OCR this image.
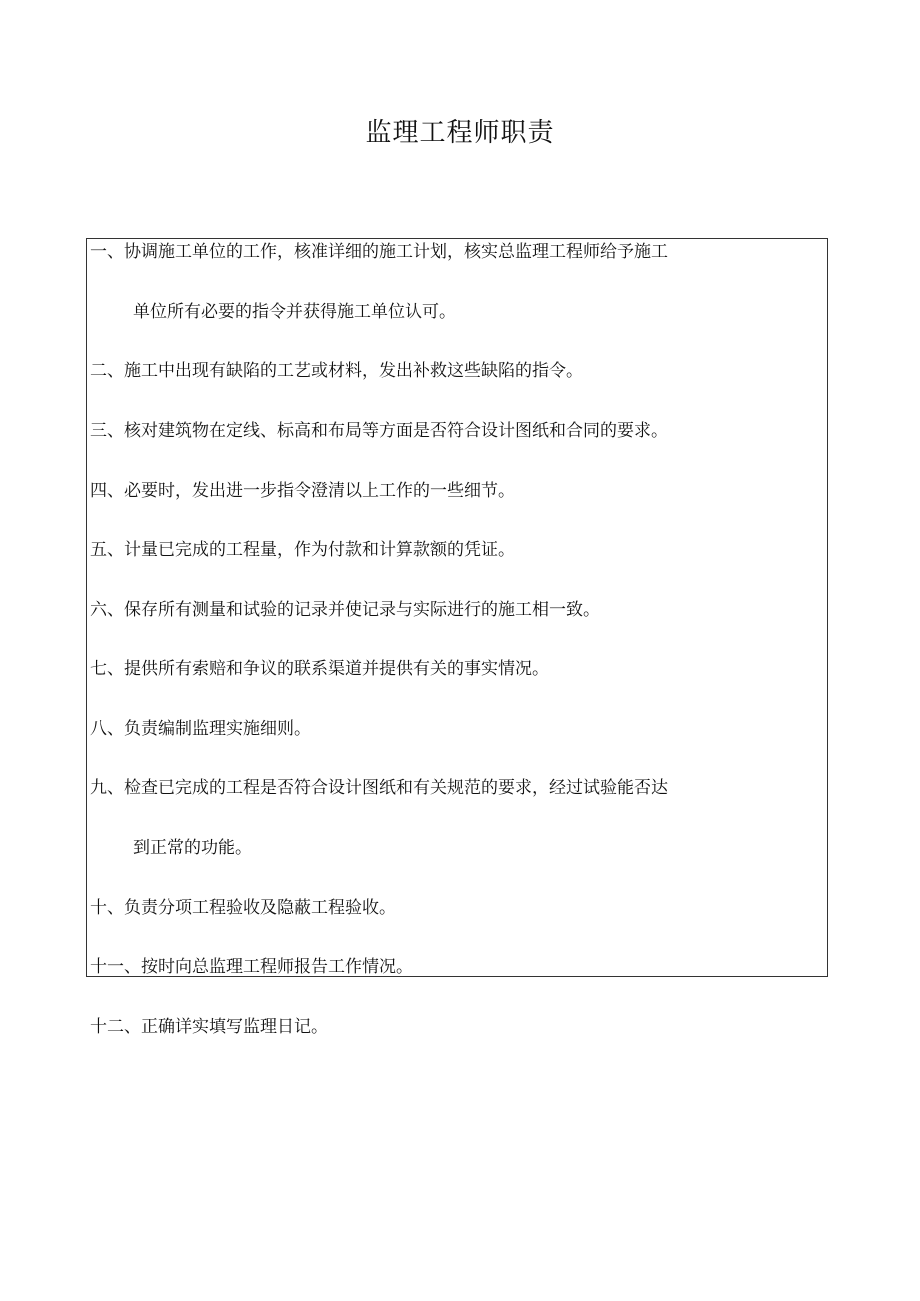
监理工程师职责
一、协调施工单位的工作，核准详细的施工计划，核实总监理工程师给予施工
单位所有必要的指令并获得施工单位认可。
二、施工中出现有缺陷的工艺或材料，发出补救这些缺陷的指令。
三、核对建筑物在定线、标高和布局等方面是否符合设计图纸和合同的要求。
四、必要时，发出进一步指令澄清以上工作的一些细节。
五、计量已完成的工程量，作为付款和计算款额的凭证。
六、保存所有测量和试验的记录并使记录与实际进行的施工相一致。
七、提供所有索赔和争议的联系渠道并提供有关的事实情况。
八、负责编制监理实施细则。
九、检查已完成的工程是否符合设计图纸和有关规范的要求，经过试验能否达
到正常的功能。
十、负责分项工程验收及隐蔽工程验收。
十一、按时向总监理工程师报告工作情况。
十二、正确详实填写监理日记。
